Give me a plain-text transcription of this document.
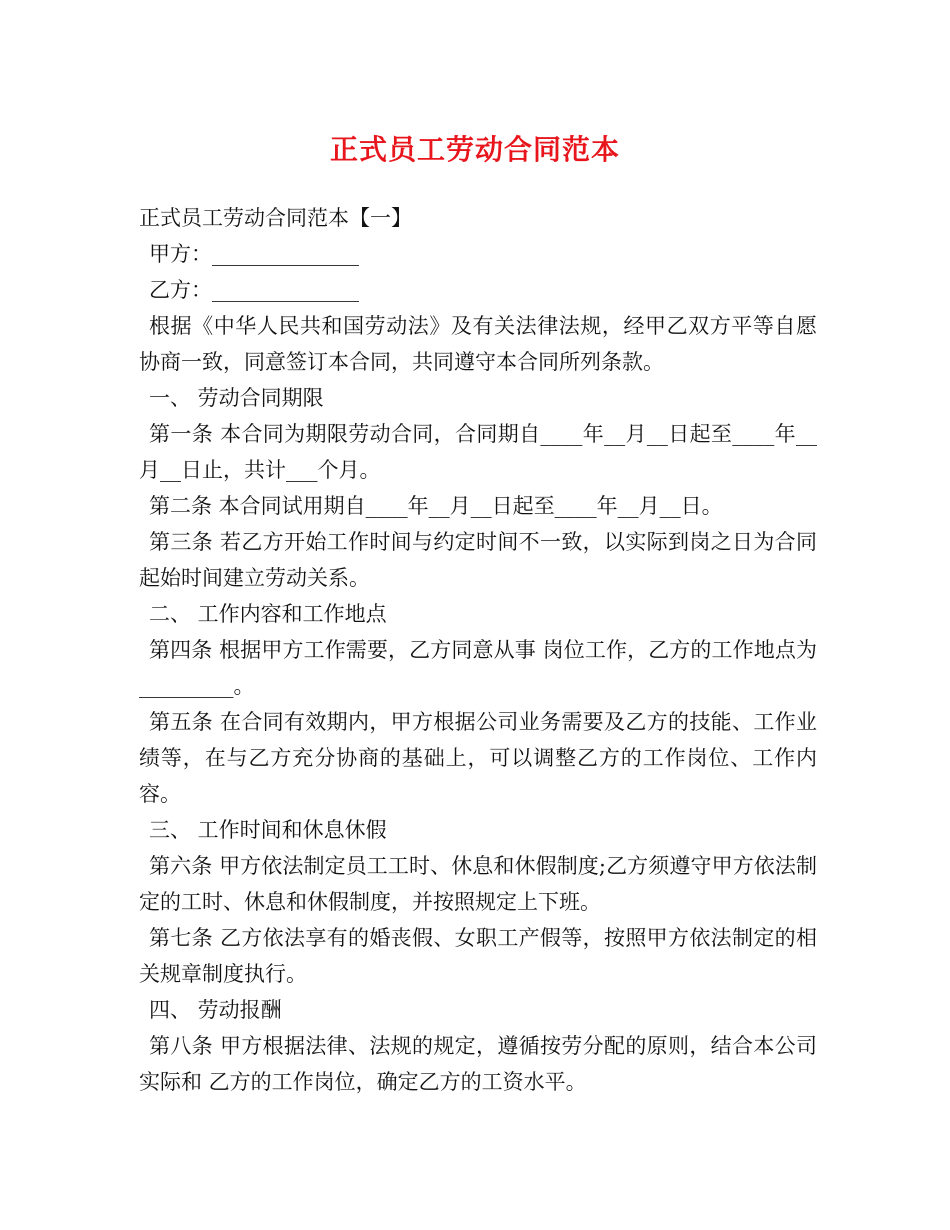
正式员工劳动合同范本

正式员工劳动合同范本【一】

甲方：______________

乙方：______________

根据《中华人民共和国劳动法》及有关法律法规，经甲乙双方平等自愿协商一致，同意签订本合同，共同遵守本合同所列条款。

一、 劳动合同期限

第一条 本合同为期限劳动合同，合同期自____年__月__日起至____年__月__日止，共计___个月。

第二条 本合同试用期自____年__月__日起至____年__月__日。

第三条 若乙方开始工作时间与约定时间不一致，以实际到岗之日为合同起始时间建立劳动关系。

二、 工作内容和工作地点

第四条 根据甲方工作需要，乙方同意从事 岗位工作，乙方的工作地点为_________。

第五条 在合同有效期内，甲方根据公司业务需要及乙方的技能、工作业绩等，在与乙方充分协商的基础上，可以调整乙方的工作岗位、工作内容。

三、 工作时间和休息休假

第六条 甲方依法制定员工工时、休息和休假制度;乙方须遵守甲方依法制定的工时、休息和休假制度，并按照规定上下班。

第七条 乙方依法享有的婚丧假、女职工产假等，按照甲方依法制定的相关规章制度执行。

四、 劳动报酬

第八条 甲方根据法律、法规的规定，遵循按劳分配的原则，结合本公司实际和 乙方的工作岗位，确定乙方的工资水平。
